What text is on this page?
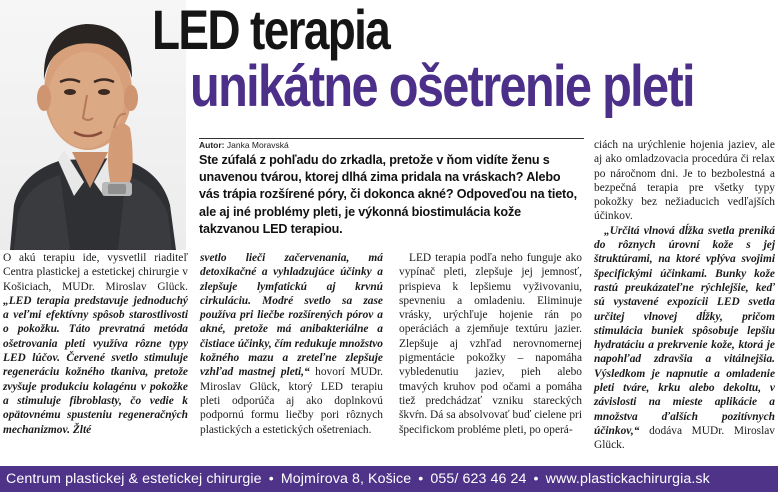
LED terapia
unikátne ošetrenie pleti
Autor: Janka Moravská
Ste zúfalá z pohľadu do zrkadla, pretože v ňom vidíte ženu s unavenou tvárou, ktorej dlhá zima pridala na vráskach? Alebo vás trápia rozšírené póry, či dokonca akné? Odpoveďou na tieto, ale aj iné problémy pleti, je výkonná biostimulácia kože takzvanou LED terapiou.
O akú terapiu ide, vysvetlil riaditeľ Centra plastickej a estetickej chirurgie v Košiciach, MUDr. Miroslav Glück. „LED terapia predstavuje jednoduchý a veľmi efektívny spôsob starostlivosti o pokožku. Táto prevratná metóda ošetrovania pleti využíva rôzne typy LED lúčov. Červené svetlo stimuluje regeneráciu kožného tkaniva, pretože zvyšuje produkciu kolagénu v pokožke a stimuluje fibroblasty, čo vedie k opätovnému spusteniu regeneračných mechanizmov. Žlté
svetlo lieči začervenania, má detoxikačné a vyhladzujúce účinky a zlepšuje lymfatickú aj krvnú cirkuláciu. Modré svetlo sa zase používa pri liečbe rozšírených pórov a akné, pretože má anibakteriálne a čistiace účinky, čím redukuje množstvo kožného mazu a zreteľne zlepšuje vzhľad mastnej pleti,“ hovorí MUDr. Miroslav Glück, ktorý LED terapiu pleti odporúča aj ako doplnkovú podpornú formu liečby pori rôznych plastických a estetických ošetreniach.
LED terapia podľa neho funguje ako vypínač pleti, zlepšuje jej jemnosť, prispieva k lepšiemu vyživovaniu, spevneniu a omladeniu. Eliminuje vrásky, urýchľuje hojenie rán po operáciách a zjemňuje textúru jazier. Zlepšuje aj vzhľad nerovnomernej pigmentácie pokožky – napomáha vybledenutiu jaziev, pieh alebo tmavých kruhov pod očami a pomáha tiež predchádzať vzniku stareckých škvŕn. Dá sa absolvovať buď cielene pri špecifickom probléme pleti, po operá-
ciách na urýchlenie hojenia jaziev, ale aj ako omladzovacia procedúra či relax po náročnom dni. Je to bezbolestná a bezpečná terapia pre všetky typy pokožky bez nežiaducich vedľajších účinkov.
„Určitá vlnová dĺžka svetla preniká do rôznych úrovní kože s jej štruktúrami, na ktoré vplýva svojimi špecifickými účinkami. Bunky kože rastú preukázateľne rýchlejšie, keď sú vystavené expozícii LED svetla určitej vlnovej dĺžky, pričom stimulácia buniek spôsobuje lepšiu hydratáciu a prekrvenie kože, ktorá je napohľad zdravšia a vitálnejšia. Výsledkom je napnutie a omladenie pleti tváre, krku alebo dekoltu, v závislosti na mieste aplikácie a množstva ďalších pozitívnych účinkov,“ dodáva MUDr. Miroslav Glück.
Centrum plastickej & estetickej chirurgie • Mojmírova 8, Košice • 055/ 623 46 24 • www.plastickachirurgia.sk
